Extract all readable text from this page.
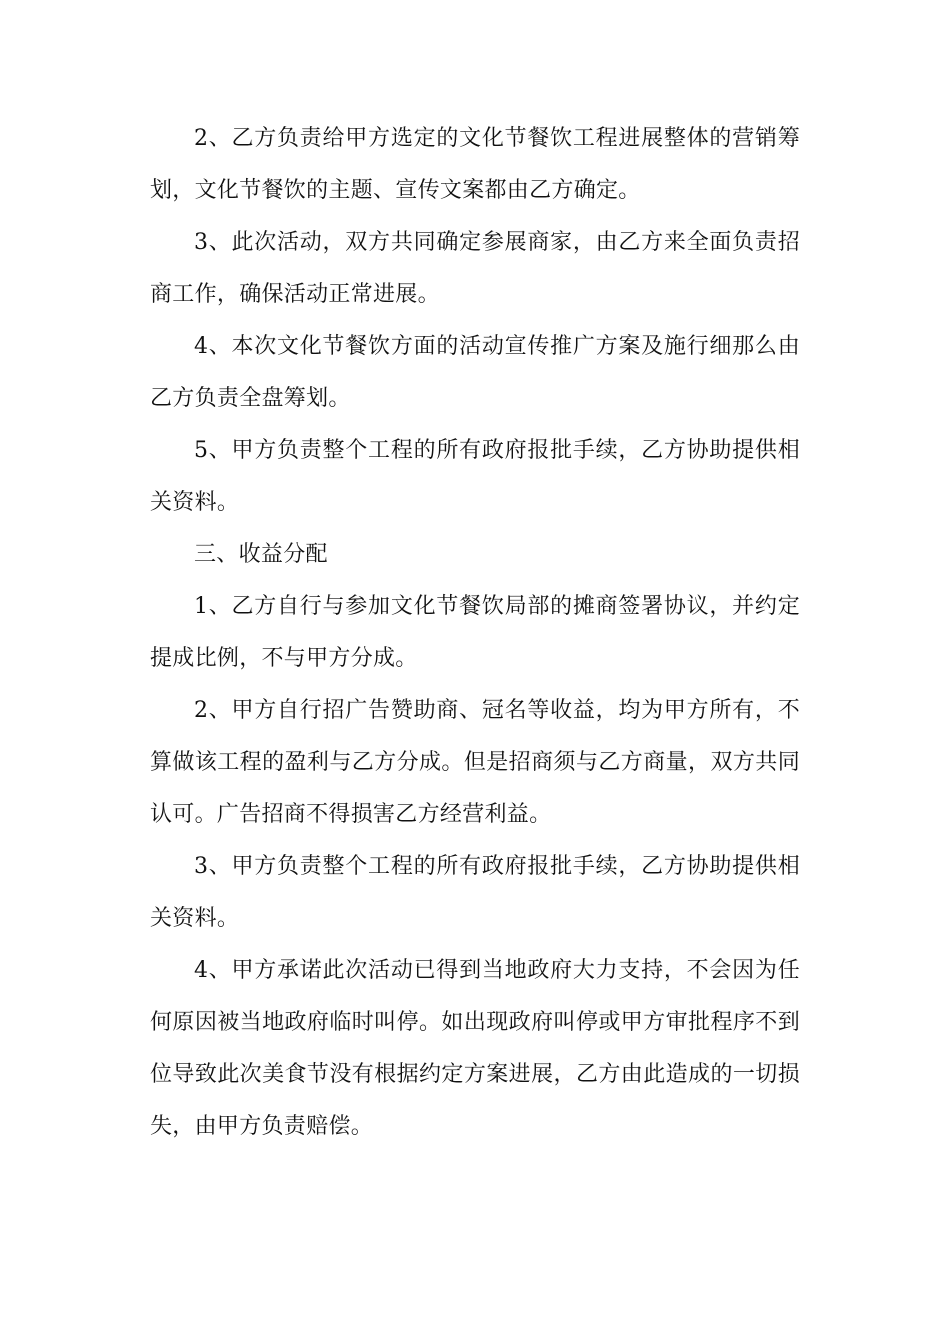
2、乙方负责给甲方选定的文化节餐饮工程进展整体的营销筹划，文化节餐饮的主题、宣传文案都由乙方确定。

3、此次活动，双方共同确定参展商家，由乙方来全面负责招商工作，确保活动正常进展。

4、本次文化节餐饮方面的活动宣传推广方案及施行细那么由乙方负责全盘筹划。

5、甲方负责整个工程的所有政府报批手续，乙方协助提供相关资料。

三、收益分配

1、乙方自行与参加文化节餐饮局部的摊商签署协议，并约定提成比例，不与甲方分成。

2、甲方自行招广告赞助商、冠名等收益，均为甲方所有，不算做该工程的盈利与乙方分成。但是招商须与乙方商量，双方共同认可。广告招商不得损害乙方经营利益。

3、甲方负责整个工程的所有政府报批手续，乙方协助提供相关资料。

4、甲方承诺此次活动已得到当地政府大力支持，不会因为任何原因被当地政府临时叫停。如出现政府叫停或甲方审批程序不到位导致此次美食节没有根据约定方案进展，乙方由此造成的一切损失，由甲方负责赔偿。
